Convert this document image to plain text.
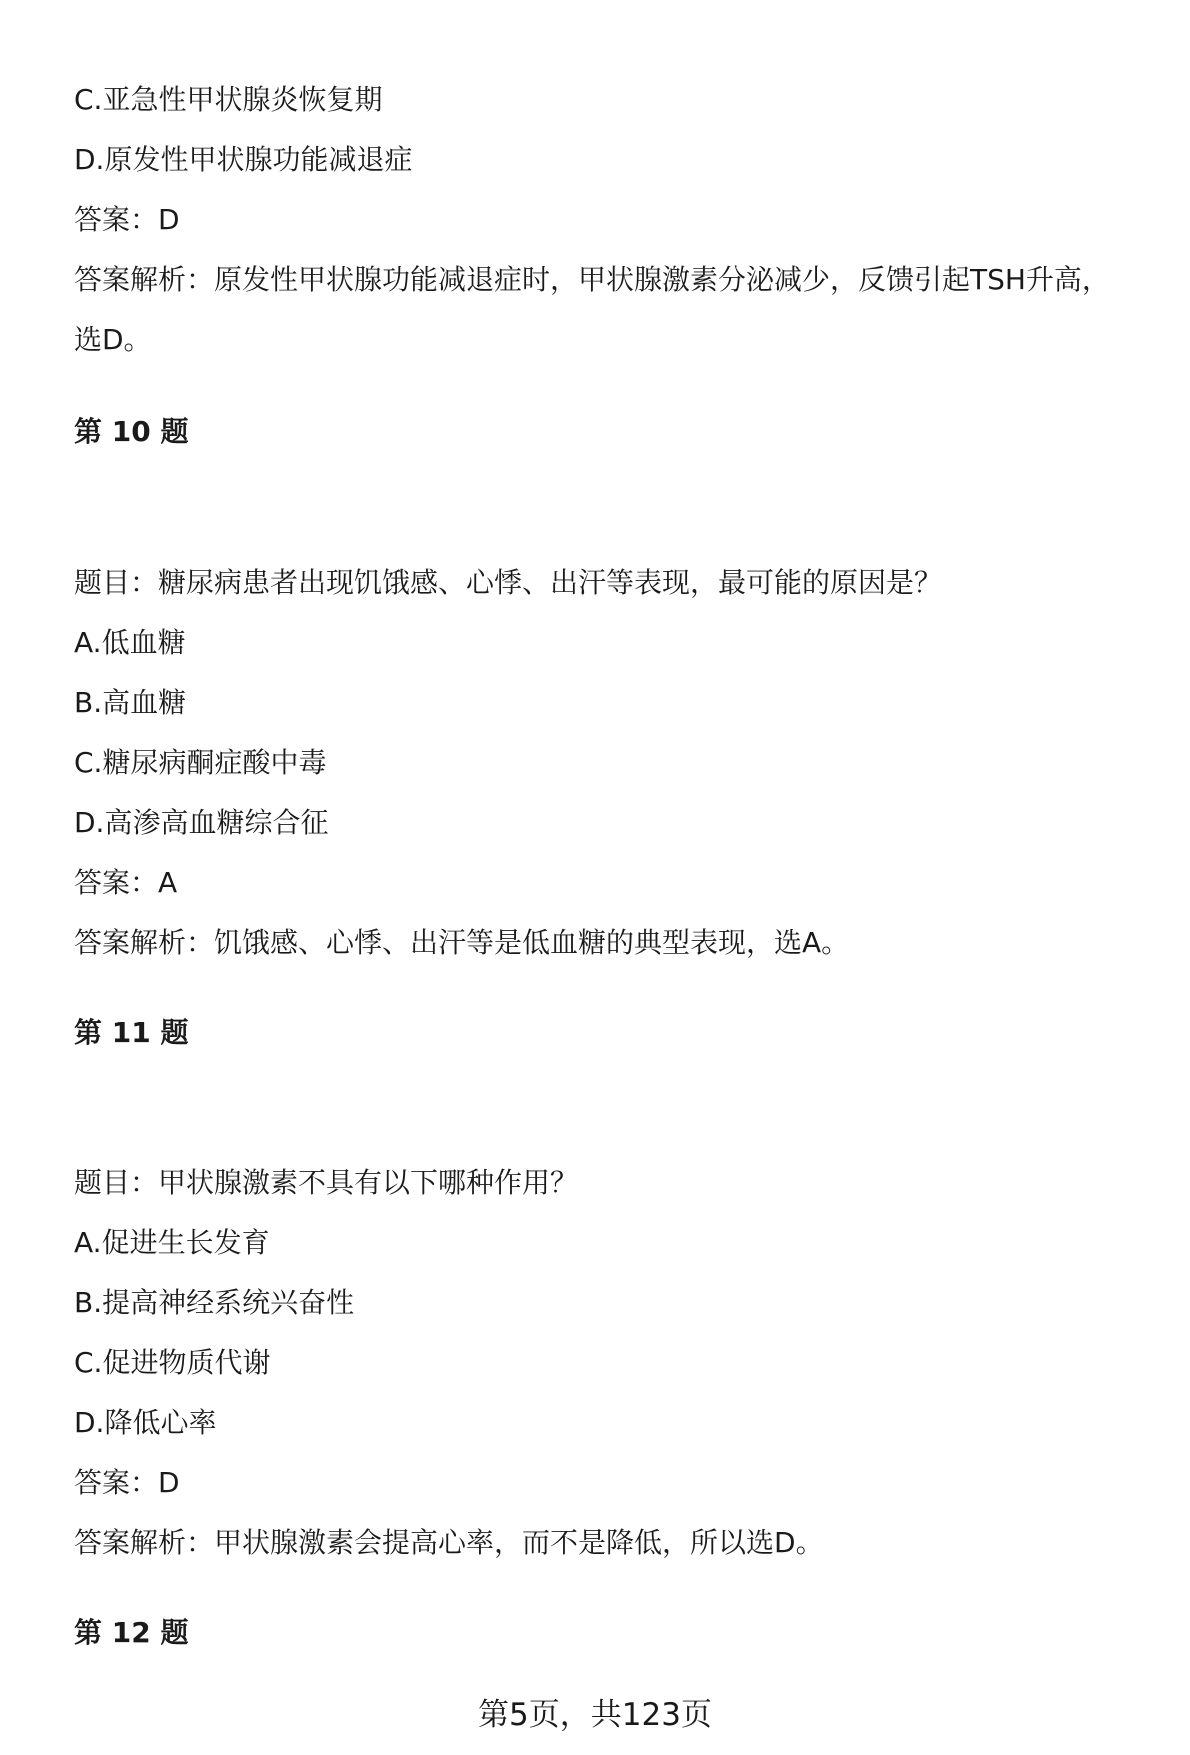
C.亚急性甲状腺炎恢复期
D.原发性甲状腺功能减退症
答案：D
答案解析：原发性甲状腺功能减退症时，甲状腺激素分泌减少，反馈引起TSH升高，选D。
第 10 题
题目：糖尿病患者出现饥饿感、心悸、出汗等表现，最可能的原因是？
A.低血糖
B.高血糖
C.糖尿病酮症酸中毒
D.高渗高血糖综合征
答案：A
答案解析：饥饿感、心悸、出汗等是低血糖的典型表现，选A。
第 11 题
题目：甲状腺激素不具有以下哪种作用？
A.促进生长发育
B.提高神经系统兴奋性
C.促进物质代谢
D.降低心率
答案：D
答案解析：甲状腺激素会提高心率，而不是降低，所以选D。
第 12 题
第5页，共123页
